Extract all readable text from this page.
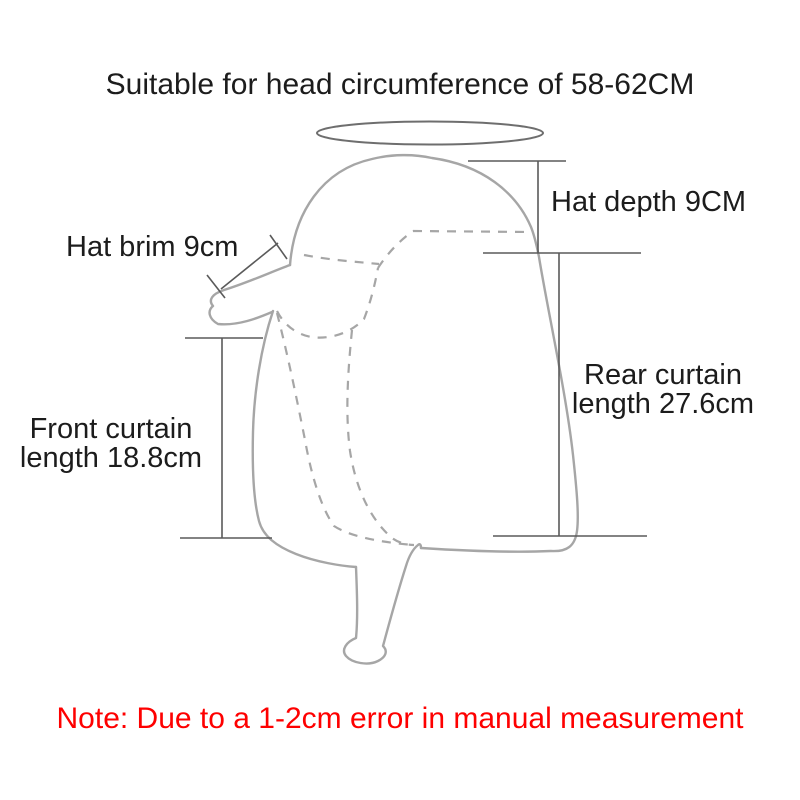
Suitable for head circumference of 58-62CM
Hat depth 9CM
Hat brim 9cm
Rear curtain
length 27.6cm
Front curtain
length 18.8cm
Note: Due to a 1-2cm error in manual measurement
